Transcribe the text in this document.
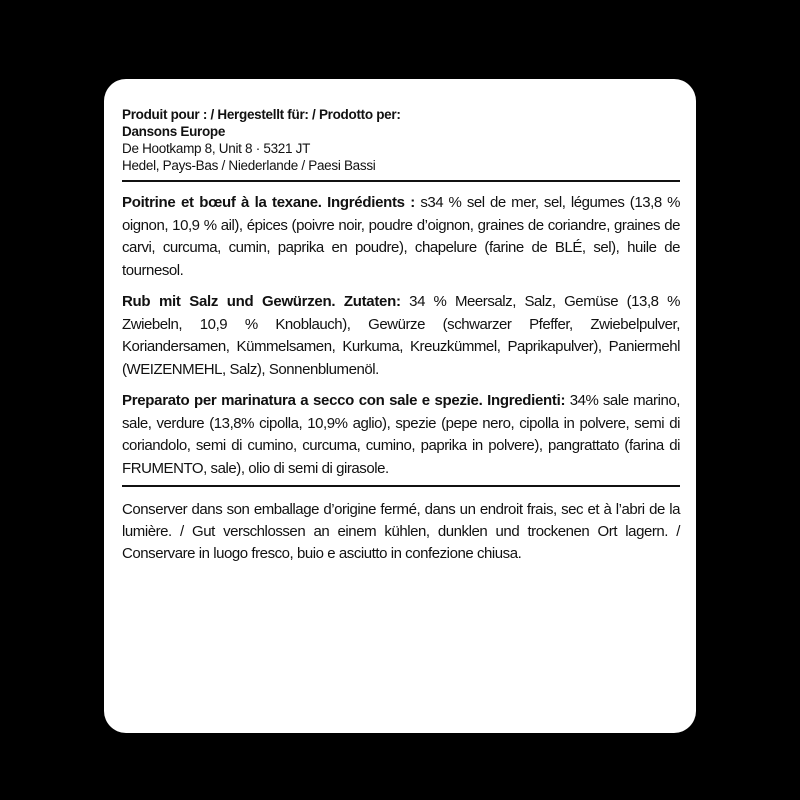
Produit pour : / Hergestellt für: / Prodotto per:
Dansons Europe
De Hootkamp 8, Unit 8 · 5321 JT
Hedel, Pays-Bas / Niederlande / Paesi Bassi
Poitrine et bœuf à la texane. Ingrédients : s34 % sel de mer, sel, légumes (13,8 % oignon, 10,9 % ail), épices (poivre noir, poudre d’oignon, graines de coriandre, graines de carvi, curcuma, cumin, paprika en poudre), chapelure (farine de BLÉ, sel), huile de tournesol.
Rub mit Salz und Gewürzen. Zutaten: 34 % Meersalz, Salz, Gemüse (13,8 % Zwiebeln, 10,9 % Knoblauch), Gewürze (schwarzer Pfeffer, Zwiebelpulver, Koriandersamen, Kümmelsamen, Kurkuma, Kreuzkümmel, Paprikapulver), Paniermehl (WEIZENMEHL, Salz), Sonnenblumenöl.
Preparato per marinatura a secco con sale e spezie. Ingredienti: 34% sale marino, sale, verdure (13,8% cipolla, 10,9% aglio), spezie (pepe nero, cipolla in polvere, semi di coriandolo, semi di cumino, curcuma, cumino, paprika in polvere), pangrattato (farina di FRUMENTO, sale), olio di semi di girasole.
Conserver dans son emballage d’origine fermé, dans un endroit frais, sec et à l’abri de la lumière. / Gut verschlossen an einem kühlen, dunklen und trockenen Ort lagern. / Conservare in luogo fresco, buio e asciutto in confezione chiusa.
